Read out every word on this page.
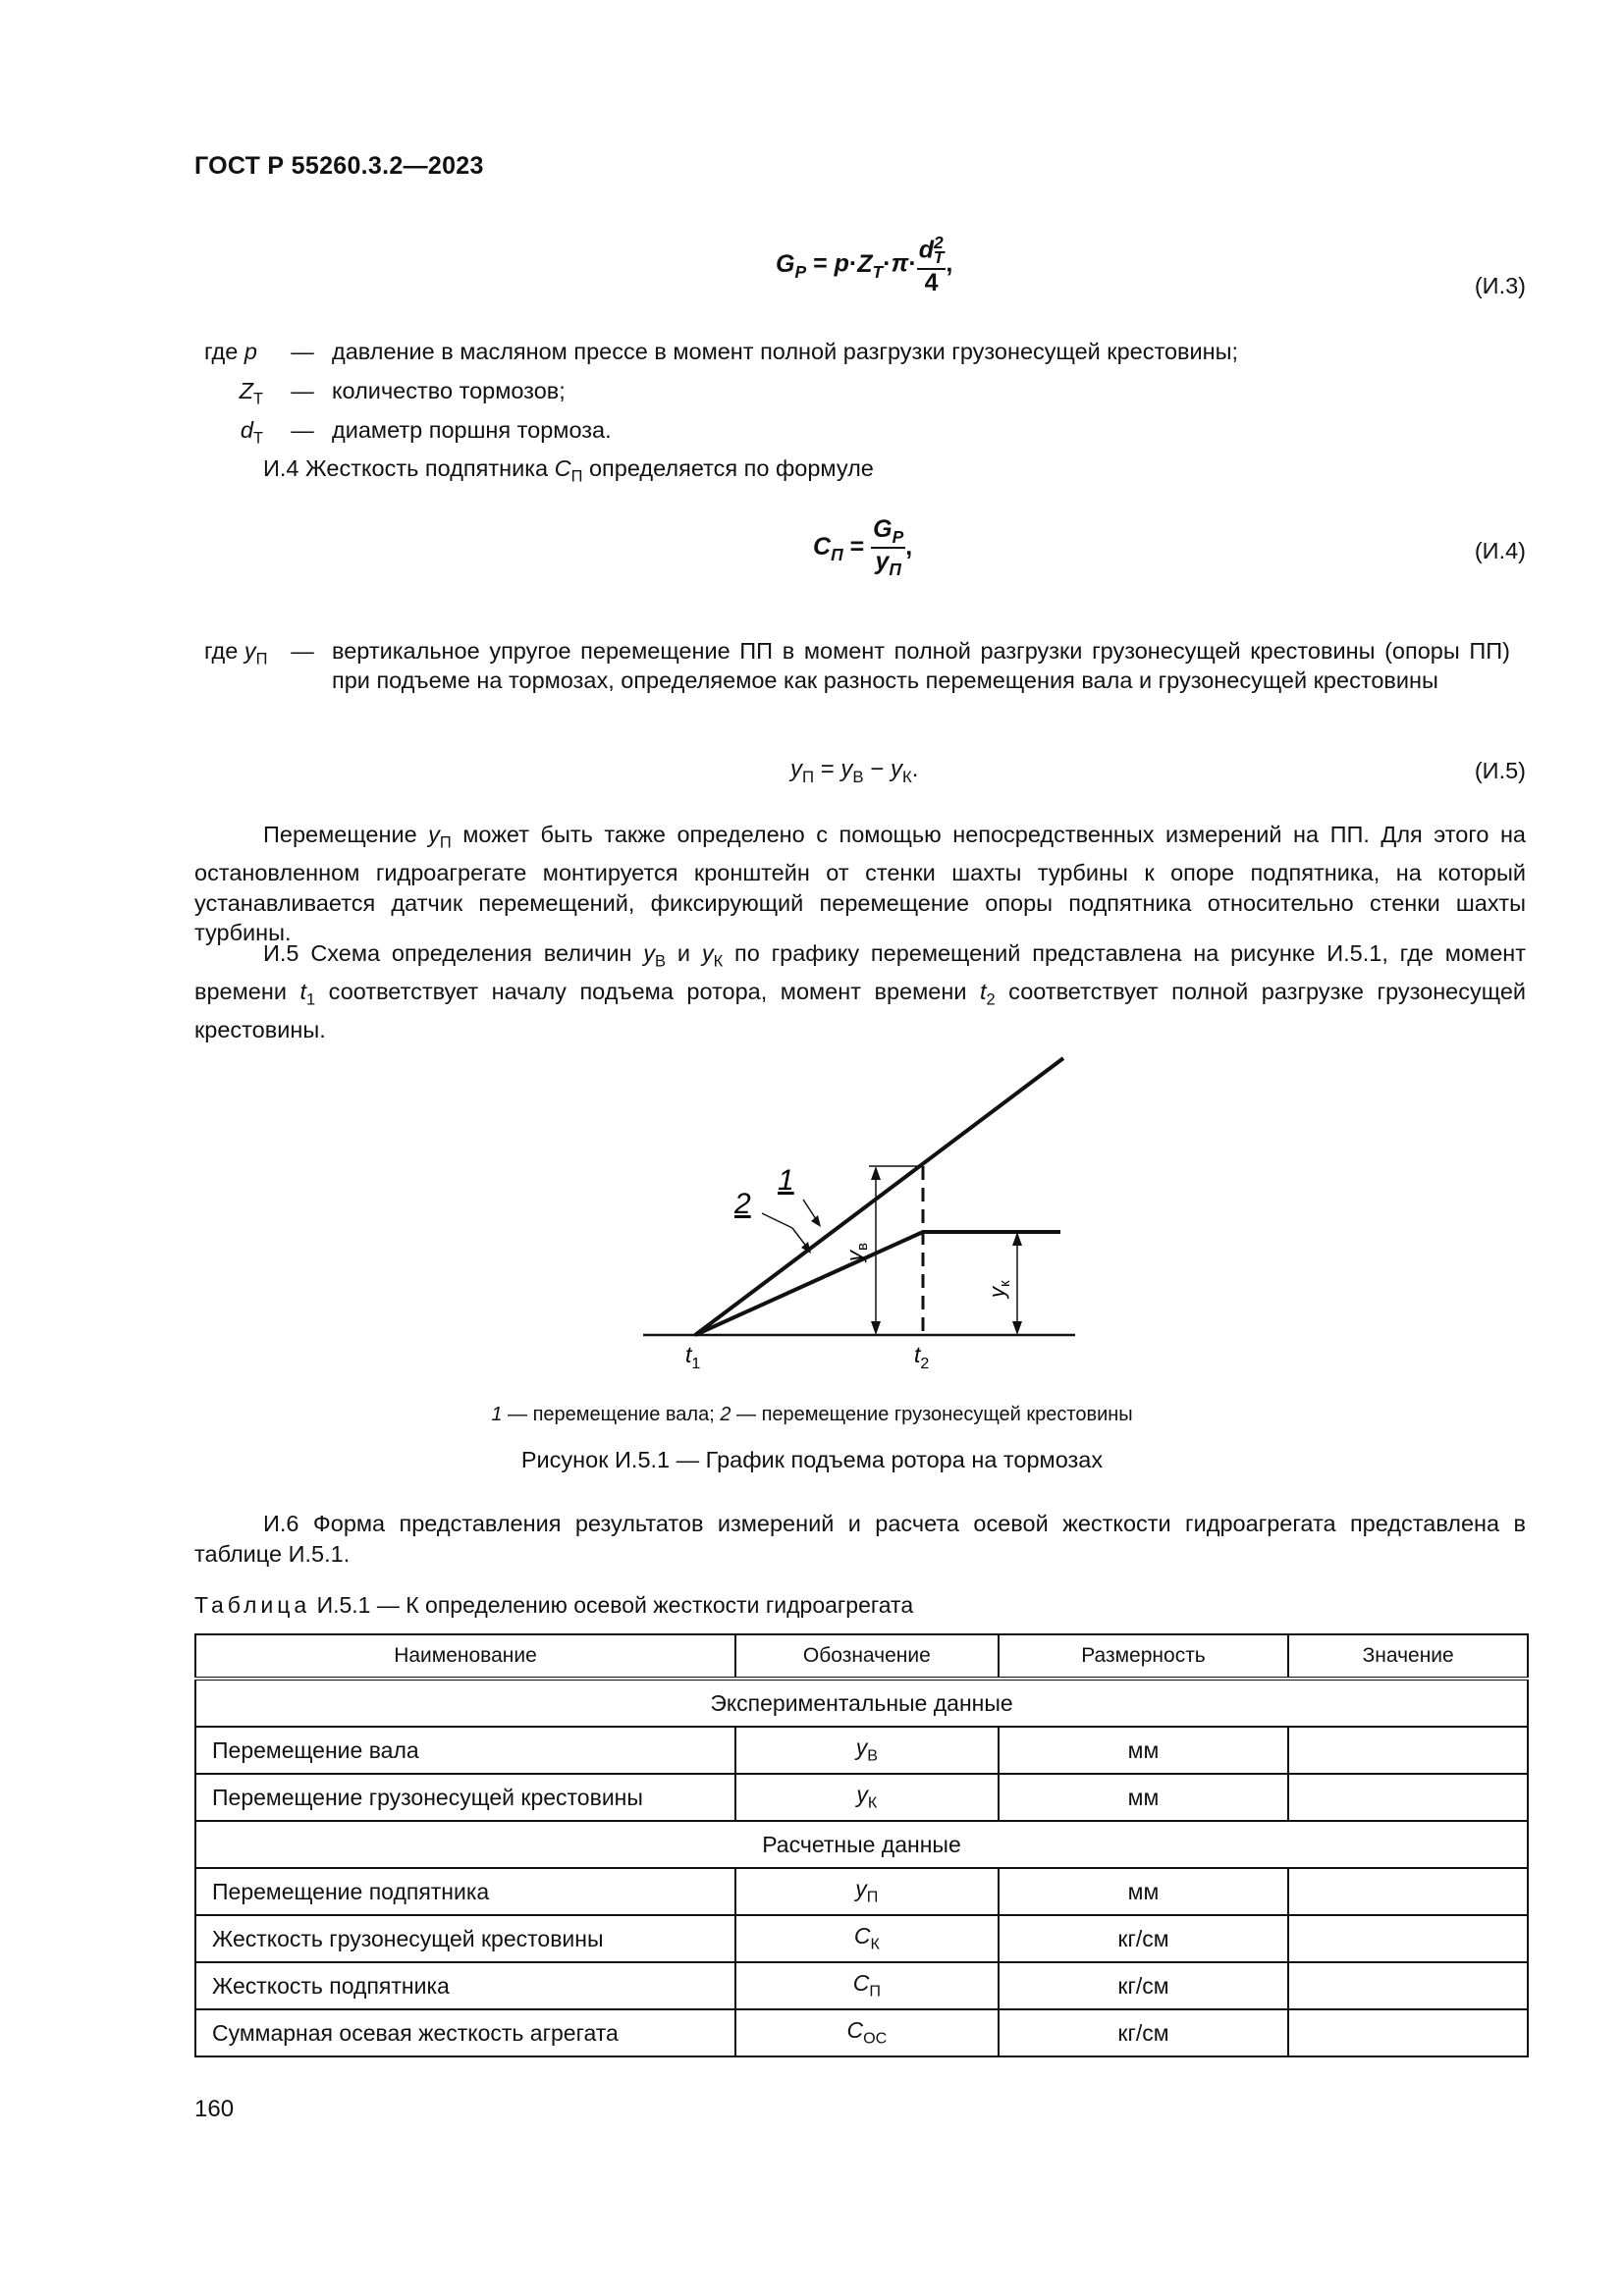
ГОСТ Р 55260.3.2—2023
$G_P = p\cdot Z_T\cdot\pi\cdot \frac{d^2_T}{4}$ ,
(И.3)
где p	— давление в масляном прессе в момент полной разгрузки грузонесущей крестовины;
$Z_Т$	— количество тормозов;
$d_Т$	— диаметр поршня тормоза.
И.4 Жесткость подпятника $C_П$ определяется по формуле
$C_П = \frac{G_P}{y_П}$ ,	(И.4)
где $y_П$	— вертикальное упругое перемещение ПП в момент полной разгрузки грузонесущей крестовины (опоры ПП) при подъеме на тормозах, определяемое как разность перемещения вала и грузонесущей крестовины
$y_П = y_В - y_К$.	(И.5)
Перемещение $y_П$ может быть также определено с помощью непосредственных измерений на ПП. Для этого на остановленном гидроагрегате монтируется кронштейн от стенки шахты турбины к опоре подпятника, на который устанавливается датчик перемещений, фиксирующий перемещение опоры подпятника относительно стенки шахты турбины.
И.5 Схема определения величин $y_В$ и $y_К$ по графику перемещений представлена на рисунке И.5.1, где момент времени $t_1$ соответствует началу подъема ротора, момент времени $t_2$ соответствует полной разгрузке грузонесущей крестовины.
1
2
$y_в$
$y_к$
$t_1$	$t_2$
1 — перемещение вала; 2 — перемещение грузонесущей крестовины
Рисунок И.5.1 — График подъема ротора на тормозах
И.6 Форма представления результатов измерений и расчета осевой жесткости гидроагрегата представлена в таблице И.5.1.
Таблица И.5.1 — К определению осевой жесткости гидроагрегата
Наименование	Обозначение	Размерность	Значение
Экспериментальные данные			
Перемещение вала	$y_В$	мм	
Перемещение грузонесущей крестовины	$y_К$	мм	
Расчетные данные			
Перемещение подпятника	$y_П$	мм	
Жесткость грузонесущей крестовины	$C_К$	кг/см	
Жесткость подпятника	$C_П$	кг/см	
Суммарная осевая жесткость агрегата	$C_{ОС}$	кг/см	
160
